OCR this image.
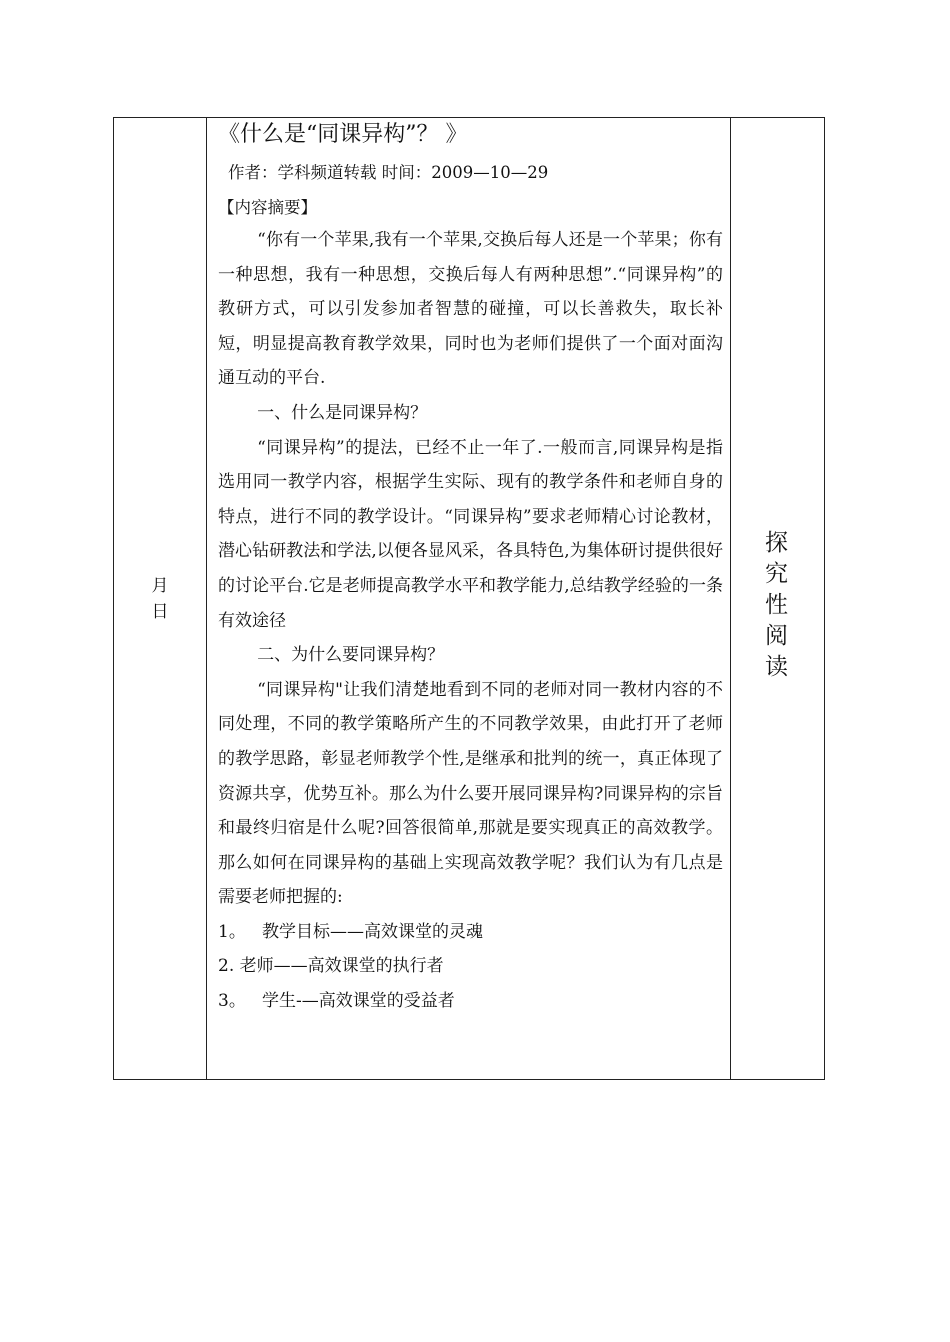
月
日
《什么是“同课异构”？ 》
作者：学科频道转载 时间：2009—10—29
【内容摘要】

“你有一个苹果,我有一个苹果,交换后每人还是一个苹果；你有一种思想，我有一种思想，交换后每人有两种思想”.“同课异构”的教研方式，可以引发参加者智慧的碰撞，可以长善救失，取长补短，明显提高教育教学效果，同时也为老师们提供了一个面对面沟通互动的平台.

一、什么是同课异构？

“同课异构”的提法，已经不止一年了.一般而言,同课异构是指选用同一教学内容，根据学生实际、现有的教学条件和老师自身的特点，进行不同的教学设计。“同课异构”要求老师精心讨论教材，潜心钻研教法和学法,以便各显风采，各具特色,为集体研讨提供很好的讨论平台.它是老师提高教学水平和教学能力,总结教学经验的一条有效途径

二、为什么要同课异构？

“同课异构"让我们清楚地看到不同的老师对同一教材内容的不同处理，不同的教学策略所产生的不同教学效果，由此打开了老师的教学思路，彰显老师教学个性,是继承和批判的统一，真正体现了资源共享，优势互补。那么为什么要开展同课异构?同课异构的宗旨和最终归宿是什么呢?回答很简单,那就是要实现真正的高效教学。那么如何在同课异构的基础上实现高效教学呢？我们认为有几点是需要老师把握的:

1。   教学目标——高效课堂的灵魂

2. 老师——高效课堂的执行者

3。   学生-—高效课堂的受益者

探
究
性
阅
读
